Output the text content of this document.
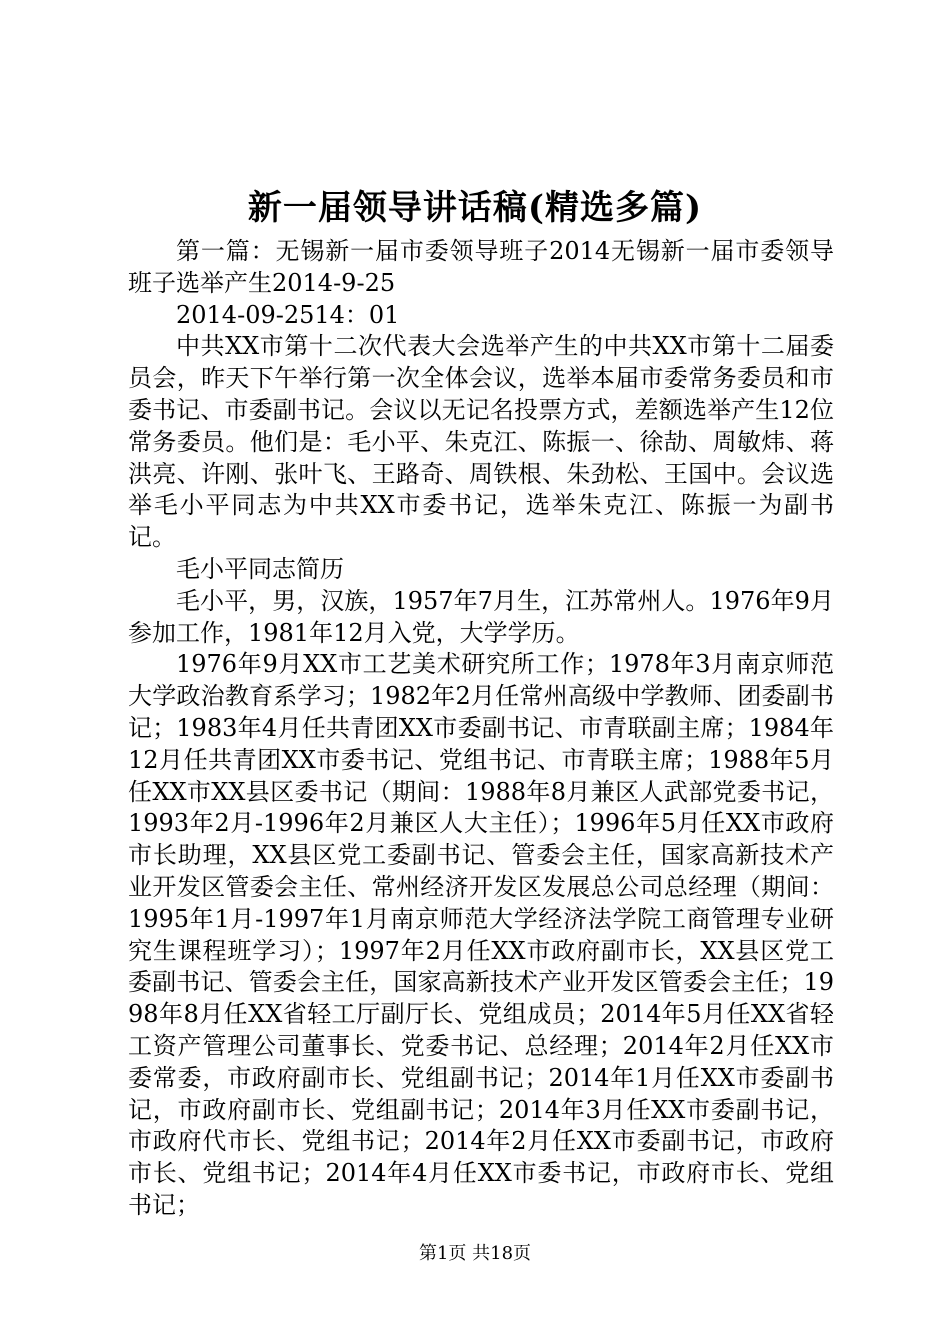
新一届领导讲话稿(精选多篇)

第一篇：无锡新一届市委领导班子2014无锡新一届市委领导班子选举产生2014-9-25

2014-09-2514：01

中共XX市第十二次代表大会选举产生的中共XX市第十二届委员会，昨天下午举行第一次全体会议，选举本届市委常务委员和市委书记、市委副书记。会议以无记名投票方式，差额选举产生12位常务委员。他们是：毛小平、朱克江、陈振一、徐劼、周敏炜、蒋洪亮、许刚、张叶飞、王路奇、周铁根、朱劲松、王国中。会议选举毛小平同志为中共XX市委书记，选举朱克江、陈振一为副书记。

毛小平同志简历

毛小平，男，汉族，1957年7月生，江苏常州人。1976年9月参加工作，1981年12月入党，大学学历。

1976年9月XX市工艺美术研究所工作；1978年3月南京师范大学政治教育系学习；1982年2月任常州高级中学教师、团委副书记；1983年4月任共青团XX市委副书记、市青联副主席；1984年12月任共青团XX市委书记、党组书记、市青联主席；1988年5月任XX市XX县区委书记（期间：1988年8月兼区人武部党委书记，1993年2月-1996年2月兼区人大主任）；1996年5月任XX市政府市长助理，XX县区党工委副书记、管委会主任，国家高新技术产业开发区管委会主任、常州经济开发区发展总公司总经理（期间：1995年1月-1997年1月南京师范大学经济法学院工商管理专业研究生课程班学习）；1997年2月任XX市政府副市长，XX县区党工委副书记、管委会主任，国家高新技术产业开发区管委会主任；1998年8月任XX省轻工厅副厅长、党组成员；2014年5月任XX省轻工资产管理公司董事长、党委书记、总经理；2014年2月任XX市委常委，市政府副市长、党组副书记；2014年1月任XX市委副书记，市政府副市长、党组副书记；2014年3月任XX市委副书记，市政府代市长、党组书记；2014年2月任XX市委副书记，市政府市长、党组书记；2014年4月任XX市委书记，市政府市长、党组书记；

第1页 共18页
